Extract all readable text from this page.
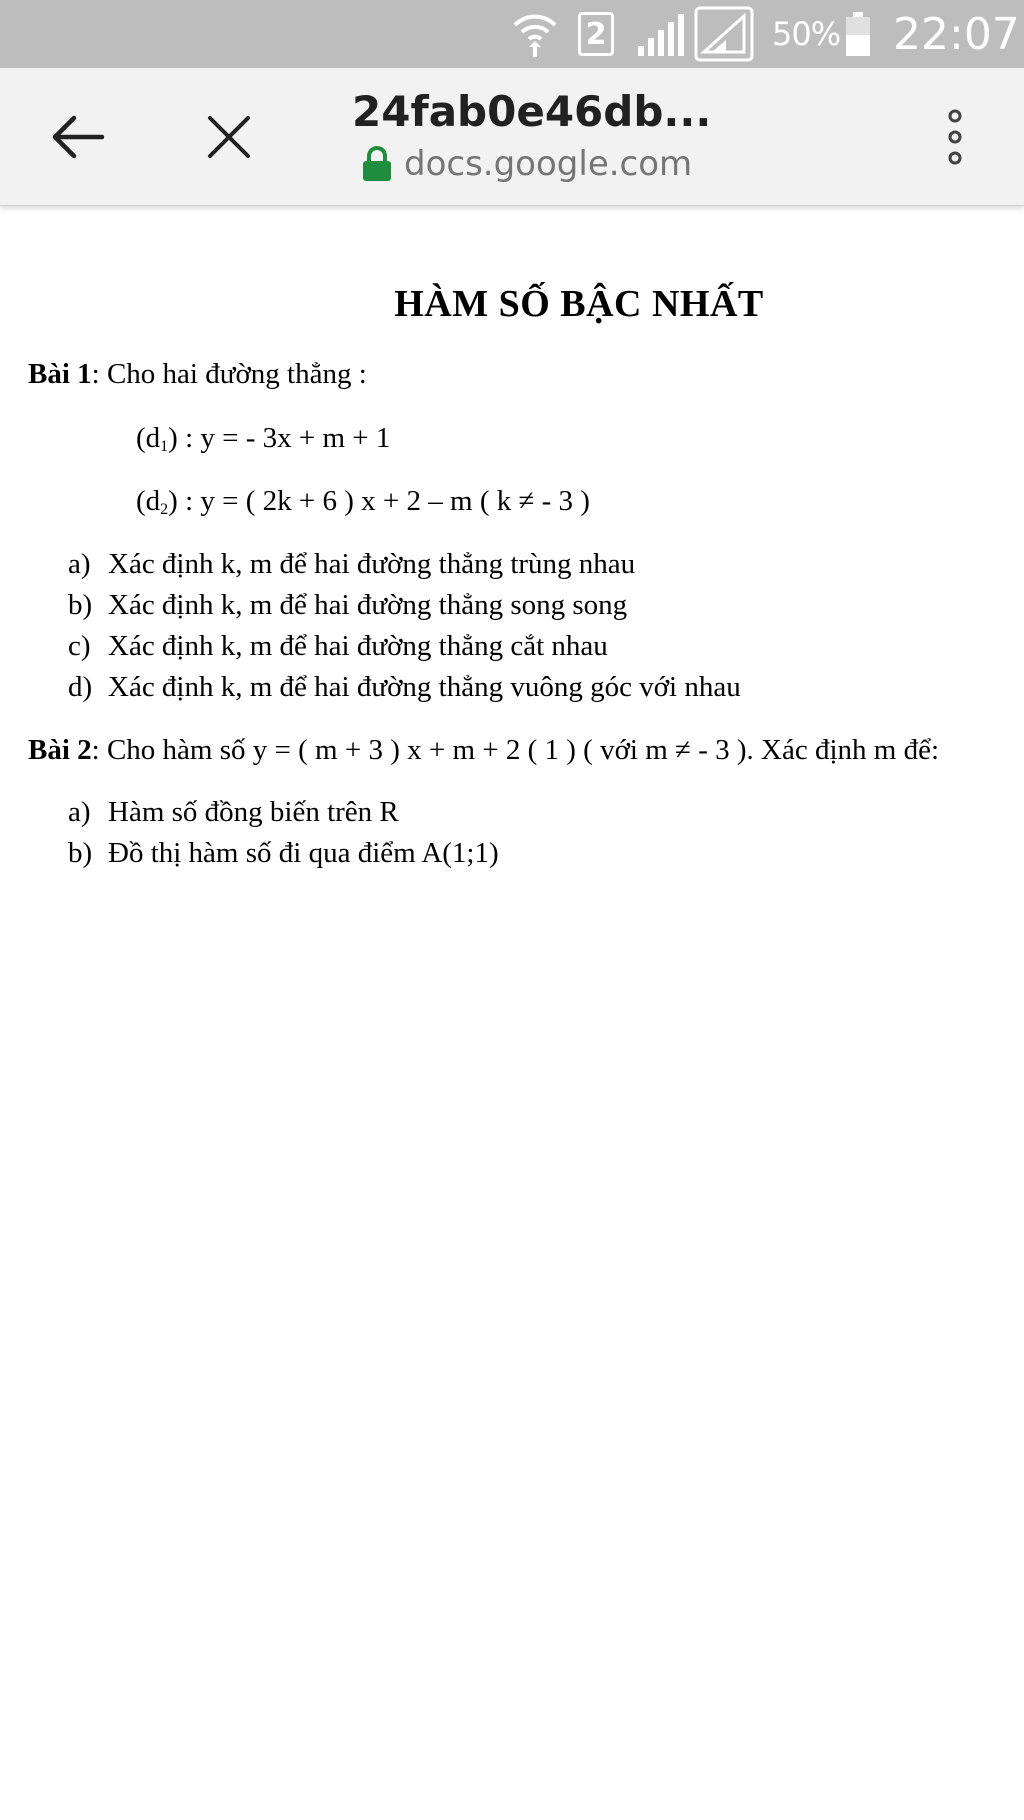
2	50% 22:07
24fab0e46db...
docs.google.com
HÀM SỐ BẬC NHẤT
Bài 1: Cho hai đường thẳng :
$(d_1)$ : y = - 3x + m + 1
$(d_2)$ : y = ( 2k + 6 ) x + 2 – m ( k ≠ - 3 )
a) Xác định k, m để hai đường thẳng trùng nhau
b) Xác định k, m để hai đường thẳng song song
c) Xác định k, m để hai đường thẳng cắt nhau
d) Xác định k, m để hai đường thẳng vuông góc với nhau
Bài 2: Cho hàm số y = ( m + 3 ) x + m + 2 ( 1 ) ( với m ≠ - 3 ). Xác định m để:
a) Hàm số đồng biến trên R
b) Đồ thị hàm số đi qua điểm A(1;1)
